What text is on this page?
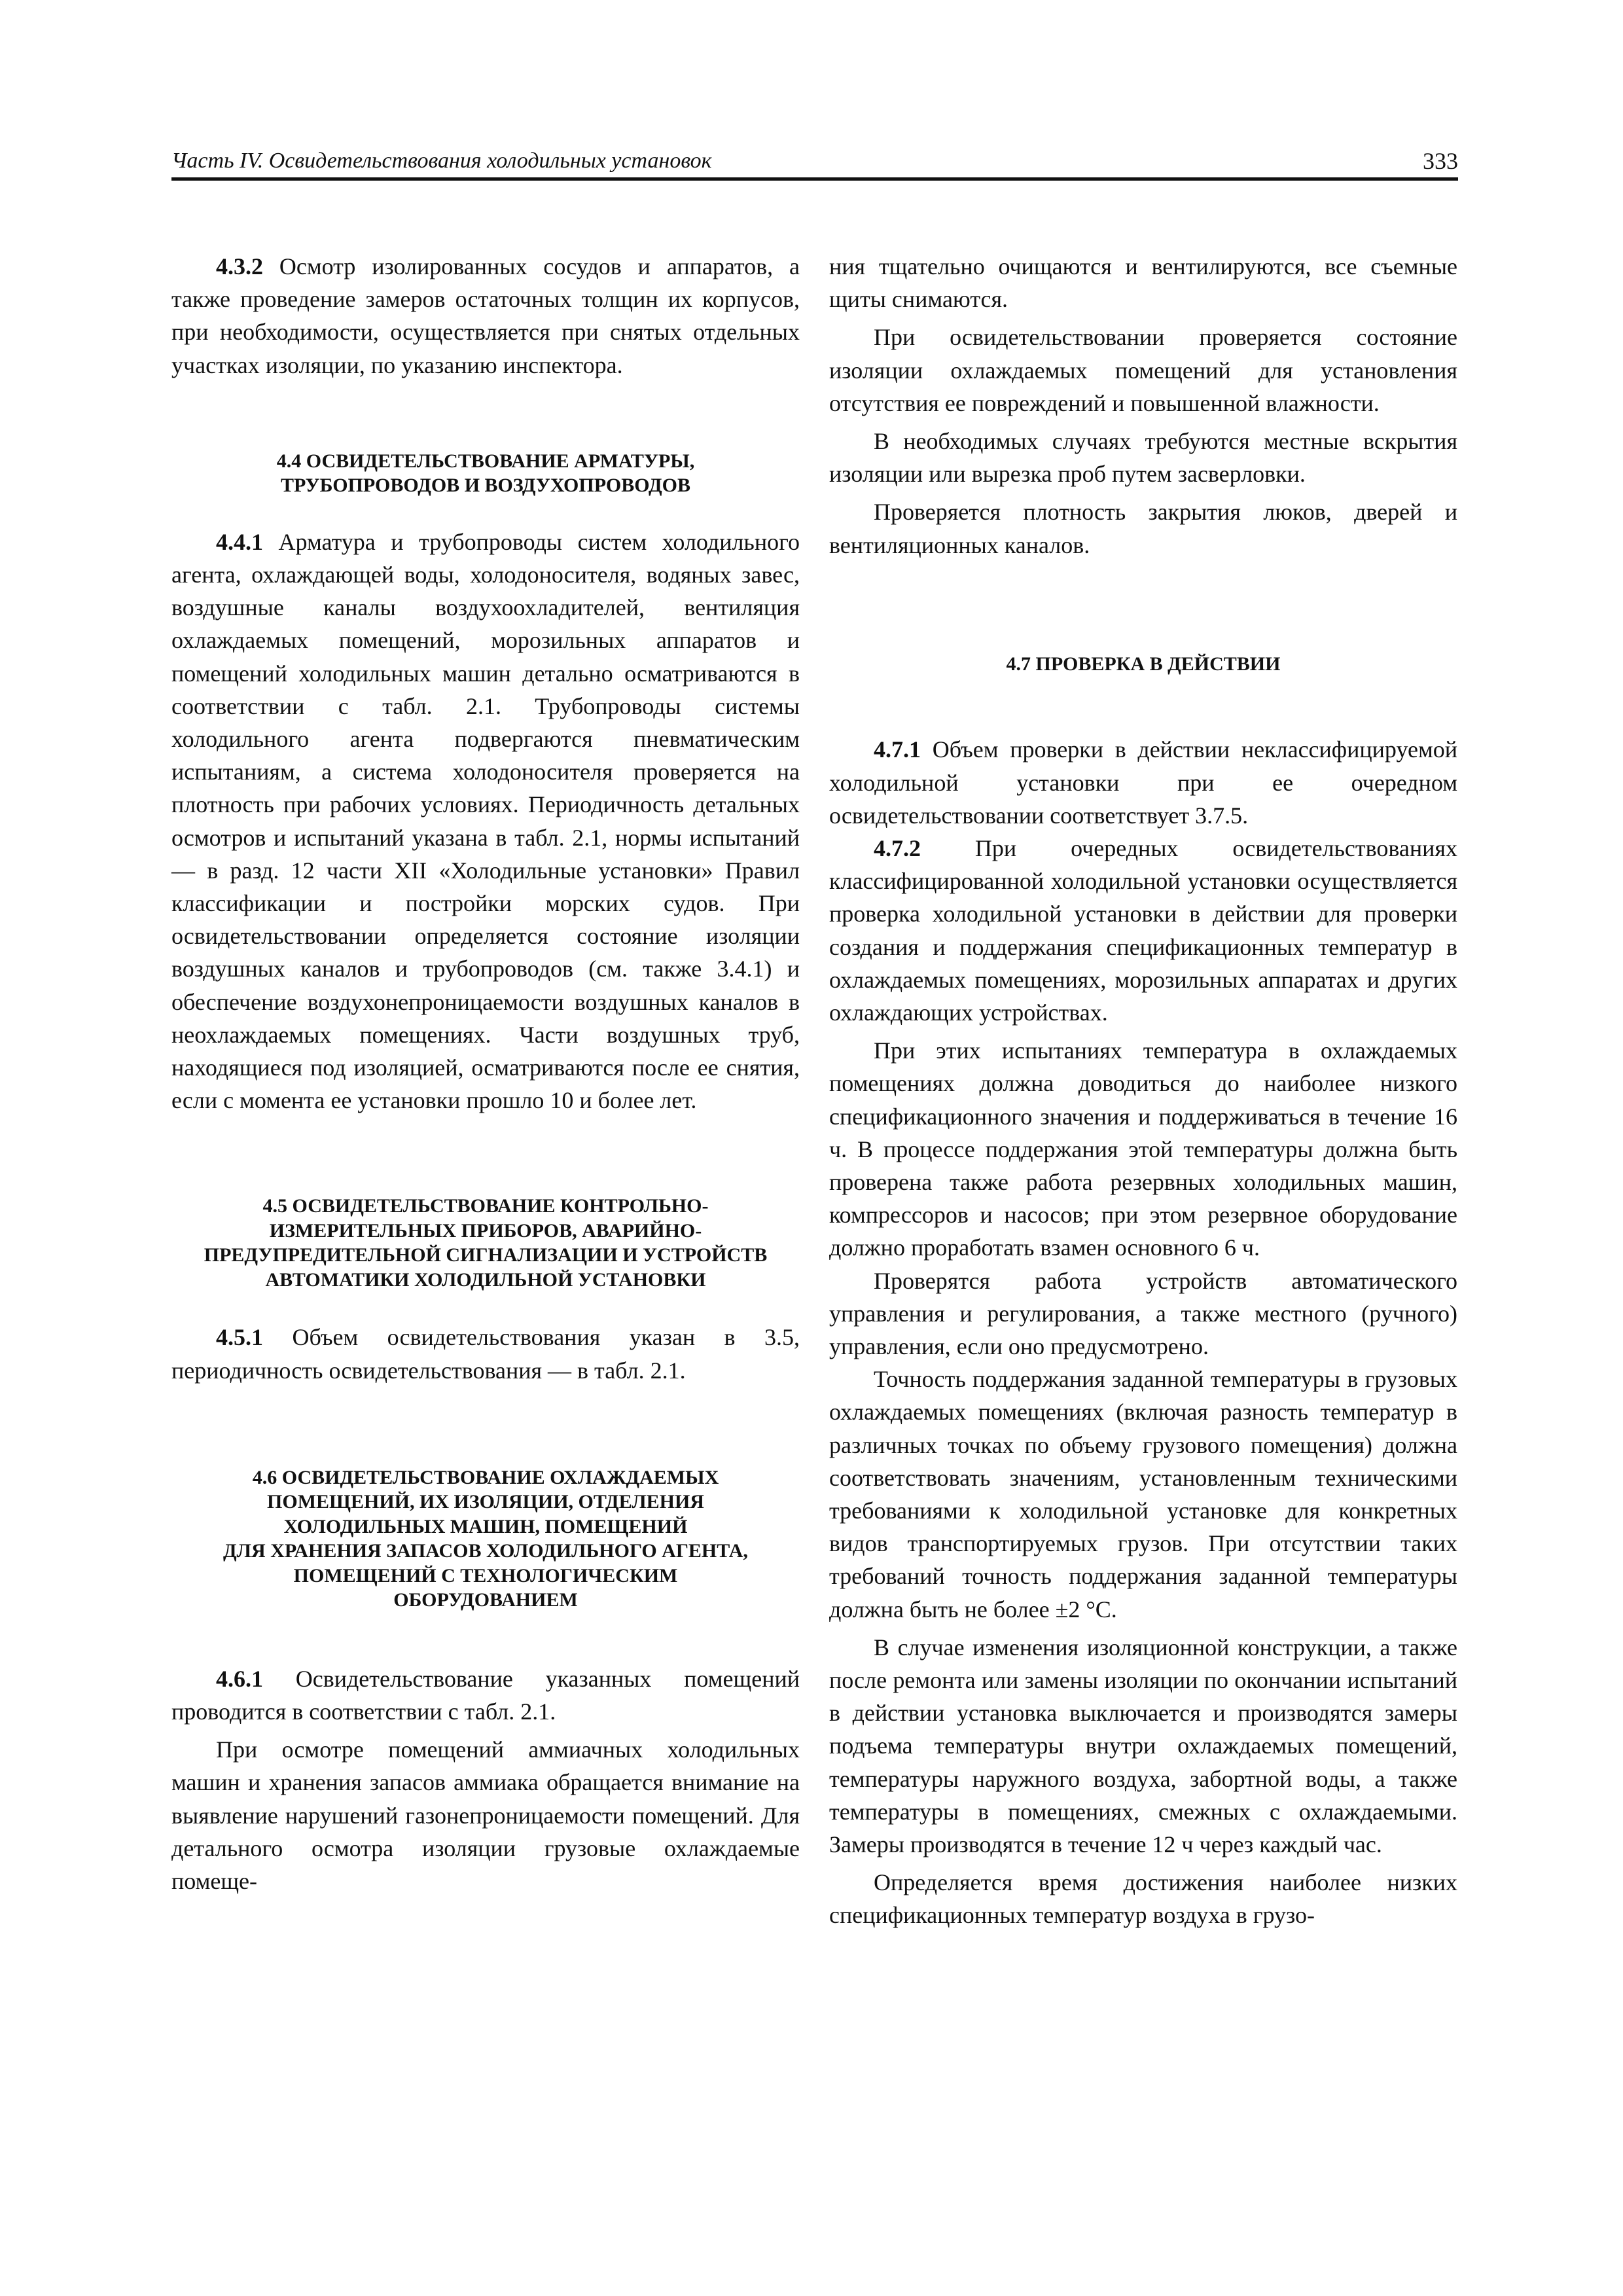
Часть IV. Освидетельствования холодильных установок	333

4.3.2 Осмотр изолированных сосудов и аппаратов, а также проведение замеров остаточных толщин их корпусов, при необходимости, осуществляется при снятых отдельных участках изоляции, по указанию инспектора.

4.4 ОСВИДЕТЕЛЬСТВОВАНИЕ АРМАТУРЫ,
ТРУБОПРОВОДОВ И ВОЗДУХОПРОВОДОВ

4.4.1 Арматура и трубопроводы систем холодильного агента, охлаждающей воды, холодоносителя, водяных завес, воздушные каналы воздухоохладителей, вентиляция охлаждаемых помещений, морозильных аппаратов и помещений холодильных машин детально осматриваются в соответствии с табл. 2.1. Трубопроводы системы холодильного агента подвергаются пневматическим испытаниям, а система холодоносителя проверяется на плотность при рабочих условиях. Периодичность детальных осмотров и испытаний указана в табл. 2.1, нормы испытаний — в разд. 12 части XII «Холодильные установки» Правил классификации и постройки морских судов. При освидетельствовании определяется состояние изоляции воздушных каналов и трубопроводов (см. также 3.4.1) и обеспечение воздухонепроницаемости воздушных каналов в неохлаждаемых помещениях. Части воздушных труб, находящиеся под изоляцией, осматриваются после ее снятия, если с момента ее установки прошло 10 и более лет.

4.5 ОСВИДЕТЕЛЬСТВОВАНИЕ КОНТРОЛЬНО-
ИЗМЕРИТЕЛЬНЫХ ПРИБОРОВ, АВАРИЙНО-
ПРЕДУПРЕДИТЕЛЬНОЙ СИГНАЛИЗАЦИИ И УСТРОЙСТВ
АВТОМАТИКИ ХОЛОДИЛЬНОЙ УСТАНОВКИ

4.5.1 Объем освидетельствования указан в 3.5, периодичность освидетельствования — в табл. 2.1.

4.6 ОСВИДЕТЕЛЬСТВОВАНИЕ ОХЛАЖДАЕМЫХ
ПОМЕЩЕНИЙ, ИХ ИЗОЛЯЦИИ, ОТДЕЛЕНИЯ
ХОЛОДИЛЬНЫХ МАШИН, ПОМЕЩЕНИЙ
ДЛЯ ХРАНЕНИЯ ЗАПАСОВ ХОЛОДИЛЬНОГО АГЕНТА,
ПОМЕЩЕНИЙ С ТЕХНОЛОГИЧЕСКИМ
ОБОРУДОВАНИЕМ

4.6.1 Освидетельствование указанных помещений проводится в соответствии с табл. 2.1.

При осмотре помещений аммиачных холодильных машин и хранения запасов аммиака обращается внимание на выявление нарушений газонепроницаемости помещений. Для детального осмотра изоляции грузовые охлаждаемые помеще-

ния тщательно очищаются и вентилируются, все съемные щиты снимаются.

При освидетельствовании проверяется состояние изоляции охлаждаемых помещений для установления отсутствия ее повреждений и повышенной влажности.

В необходимых случаях требуются местные вскрытия изоляции или вырезка проб путем засверловки.

Проверяется плотность закрытия люков, дверей и вентиляционных каналов.

4.7 ПРОВЕРКА В ДЕЙСТВИИ

4.7.1 Объем проверки в действии неклассифицируемой холодильной установки при ее очередном освидетельствовании соответствует 3.7.5.

4.7.2 При очередных освидетельствованиях классифицированной холодильной установки осуществляется проверка холодильной установки в действии для проверки создания и поддержания спецификационных температур в охлаждаемых помещениях, морозильных аппаратах и других охлаждающих устройствах.

При этих испытаниях температура в охлаждаемых помещениях должна доводиться до наиболее низкого спецификационного значения и поддерживаться в течение 16 ч. В процессе поддержания этой температуры должна быть проверена также работа резервных холодильных машин, компрессоров и насосов; при этом резервное оборудование должно проработать взамен основного 6 ч.

Проверятся работа устройств автоматического управления и регулирования, а также местного (ручного) управления, если оно предусмотрено.

Точность поддержания заданной температуры в грузовых охлаждаемых помещениях (включая разность температур в различных точках по объему грузового помещения) должна соответствовать значениям, установленным техническими требованиями к холодильной установке для конкретных видов транспортируемых грузов. При отсутствии таких требований точность поддержания заданной температуры должна быть не более ±2 °С.

В случае изменения изоляционной конструкции, а также после ремонта или замены изоляции по окончании испытаний в действии установка выключается и производятся замеры подъема температуры внутри охлаждаемых помещений, температуры наружного воздуха, забортной воды, а также температуры в помещениях, смежных с охлаждаемыми. Замеры производятся в течение 12 ч через каждый час.

Определяется время достижения наиболее низких спецификационных температур воздуха в грузо-
